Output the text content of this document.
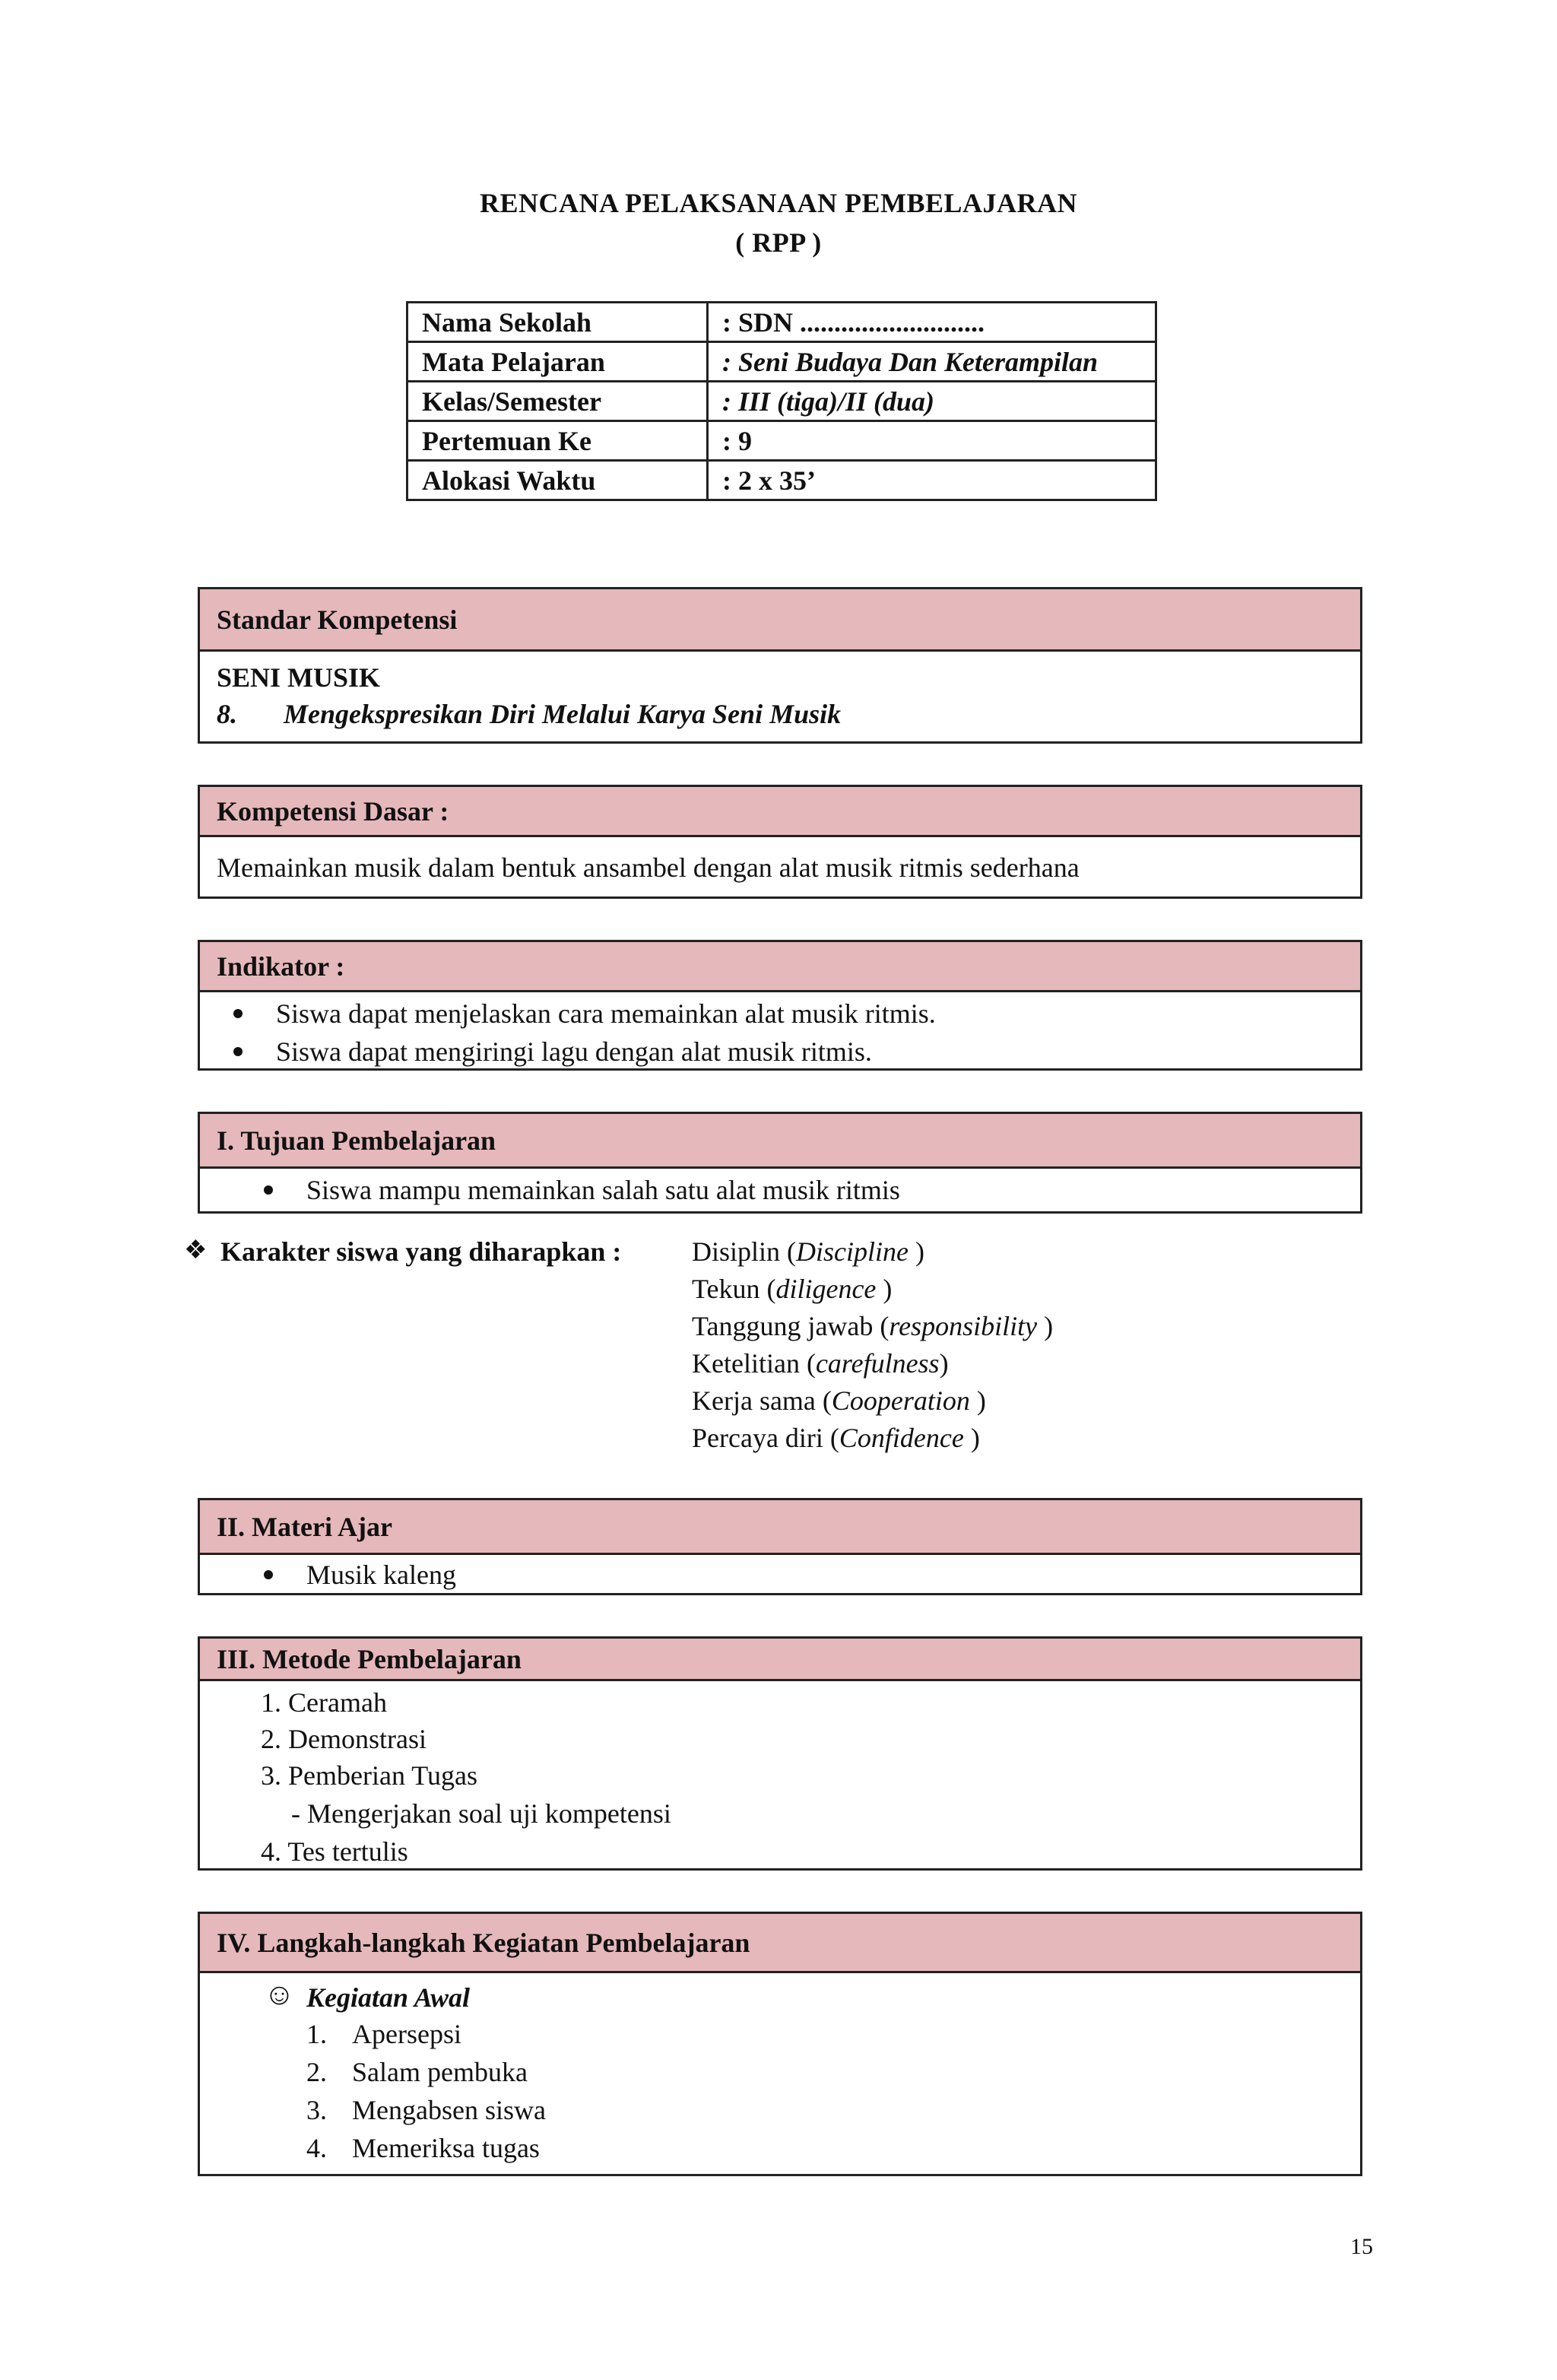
RENCANA PELAKSANAAN PEMBELAJARAN
( RPP )
Nama Sekolah	: SDN ...........................
Mata Pelajaran	: Seni Budaya Dan Keterampilan
Kelas/Semester	: III (tiga)/II (dua)
Pertemuan Ke	: 9
Alokasi Waktu	: 2 x 35’
Standar Kompetensi
SENI MUSIK
8. Mengekspresikan Diri Melalui Karya Seni Musik
Kompetensi Dasar :
Memainkan musik dalam bentuk ansambel dengan alat musik ritmis sederhana
Indikator :
Siswa dapat menjelaskan cara memainkan alat musik ritmis.
Siswa dapat mengiringi lagu dengan alat musik ritmis.
I. Tujuan Pembelajaran
Siswa mampu memainkan salah satu alat musik ritmis
❖ Karakter siswa yang diharapkan :	Disiplin (Discipline )
Tekun (diligence )
Tanggung jawab (responsibility )
Ketelitian (carefulness)
Kerja sama (Cooperation )
Percaya diri (Confidence )
II. Materi Ajar
Musik kaleng
III. Metode Pembelajaran
1. Ceramah
2. Demonstrasi
3. Pemberian Tugas
- Mengerjakan soal uji kompetensi
4. Tes tertulis
IV. Langkah-langkah Kegiatan Pembelajaran
☺ Kegiatan Awal
1. Apersepsi
2. Salam pembuka
3. Mengabsen siswa
4. Memeriksa tugas
15
